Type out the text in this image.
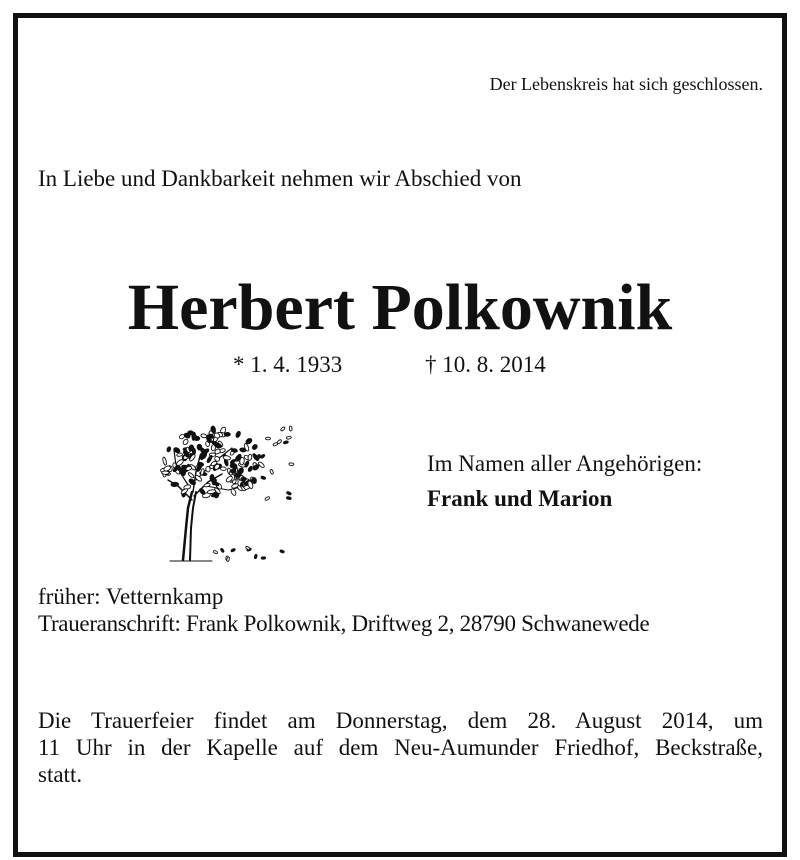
Der Lebenskreis hat sich geschlossen.
In Liebe und Dankbarkeit nehmen wir Abschied von
Herbert Polkownik
* 1. 4. 1933	† 10. 8. 2014
Im Namen aller Angehörigen:
Frank und Marion
früher: Vetternkamp
Traueranschrift: Frank Polkownik, Driftweg 2, 28790 Schwanewede
Die Trauerfeier findet am Donnerstag, dem 28. August 2014, um
11 Uhr in der Kapelle auf dem Neu-Aumunder Friedhof, Beckstraße,
statt.
